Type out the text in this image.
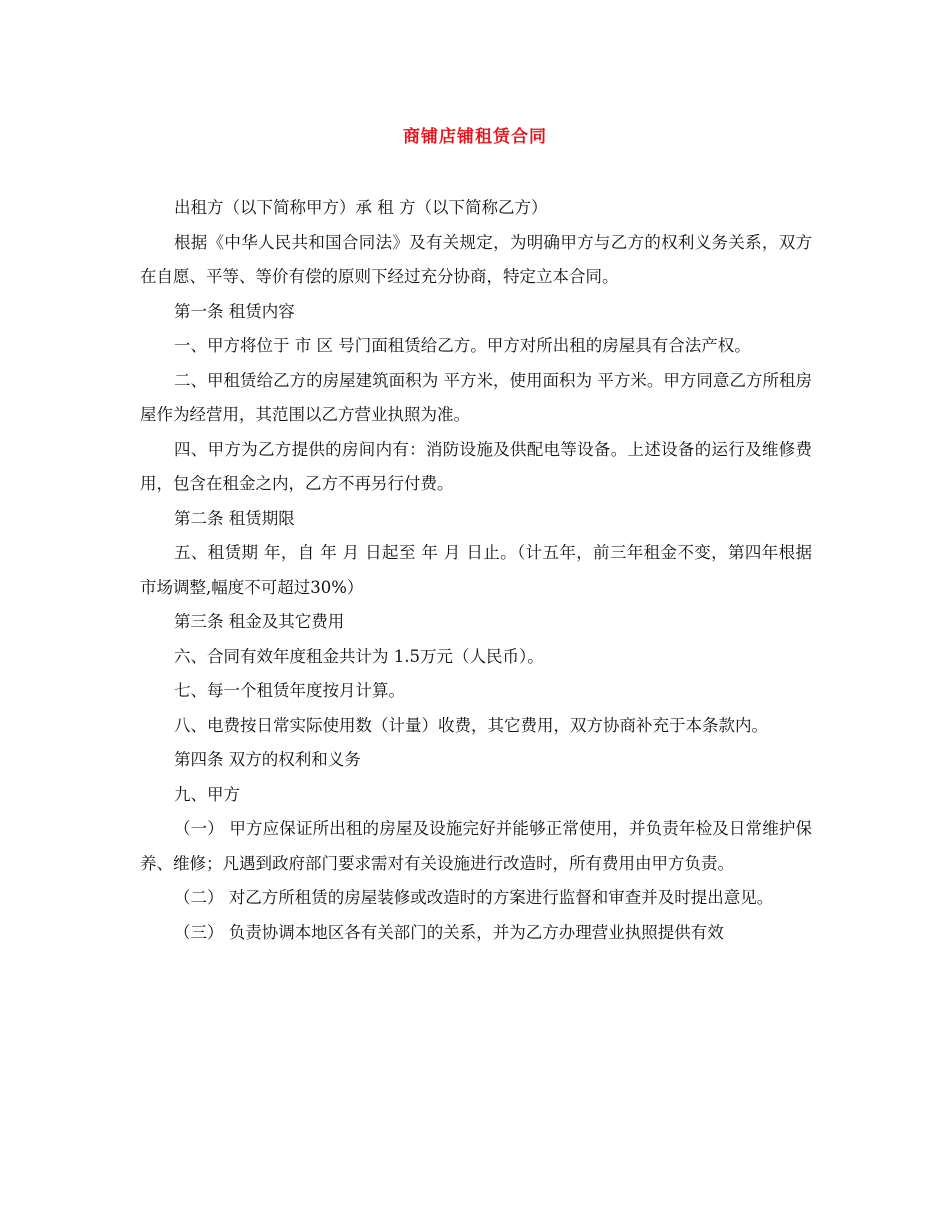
商铺店铺租赁合同

出租方（以下简称甲方）承 租 方（以下简称乙方）

根据《中华人民共和国合同法》及有关规定，为明确甲方与乙方的权利义务关系，双方在自愿、平等、等价有偿的原则下经过充分协商，特定立本合同。

第一条 租赁内容

一、甲方将位于 市 区 号门面租赁给乙方。甲方对所出租的房屋具有合法产权。

二、甲租赁给乙方的房屋建筑面积为 平方米，使用面积为 平方米。甲方同意乙方所租房屋作为经营用，其范围以乙方营业执照为准。

四、甲方为乙方提供的房间内有：消防设施及供配电等设备。上述设备的运行及维修费用，包含在租金之内，乙方不再另行付费。

第二条 租赁期限

五、租赁期 年，自 年 月 日起至 年 月 日止。（计五年，前三年租金不变，第四年根据市场调整,幅度不可超过30%）

第三条 租金及其它费用

六、合同有效年度租金共计为 1.5万元（人民币）。

七、每一个租赁年度按月计算。

八、电费按日常实际使用数（计量）收费，其它费用，双方协商补充于本条款内。

第四条 双方的权利和义务

九、甲方

（一） 甲方应保证所出租的房屋及设施完好并能够正常使用，并负责年检及日常维护保养、维修；凡遇到政府部门要求需对有关设施进行改造时，所有费用由甲方负责。

（二） 对乙方所租赁的房屋装修或改造时的方案进行监督和审查并及时提出意见。

（三） 负责协调本地区各有关部门的关系，并为乙方办理营业执照提供有效
